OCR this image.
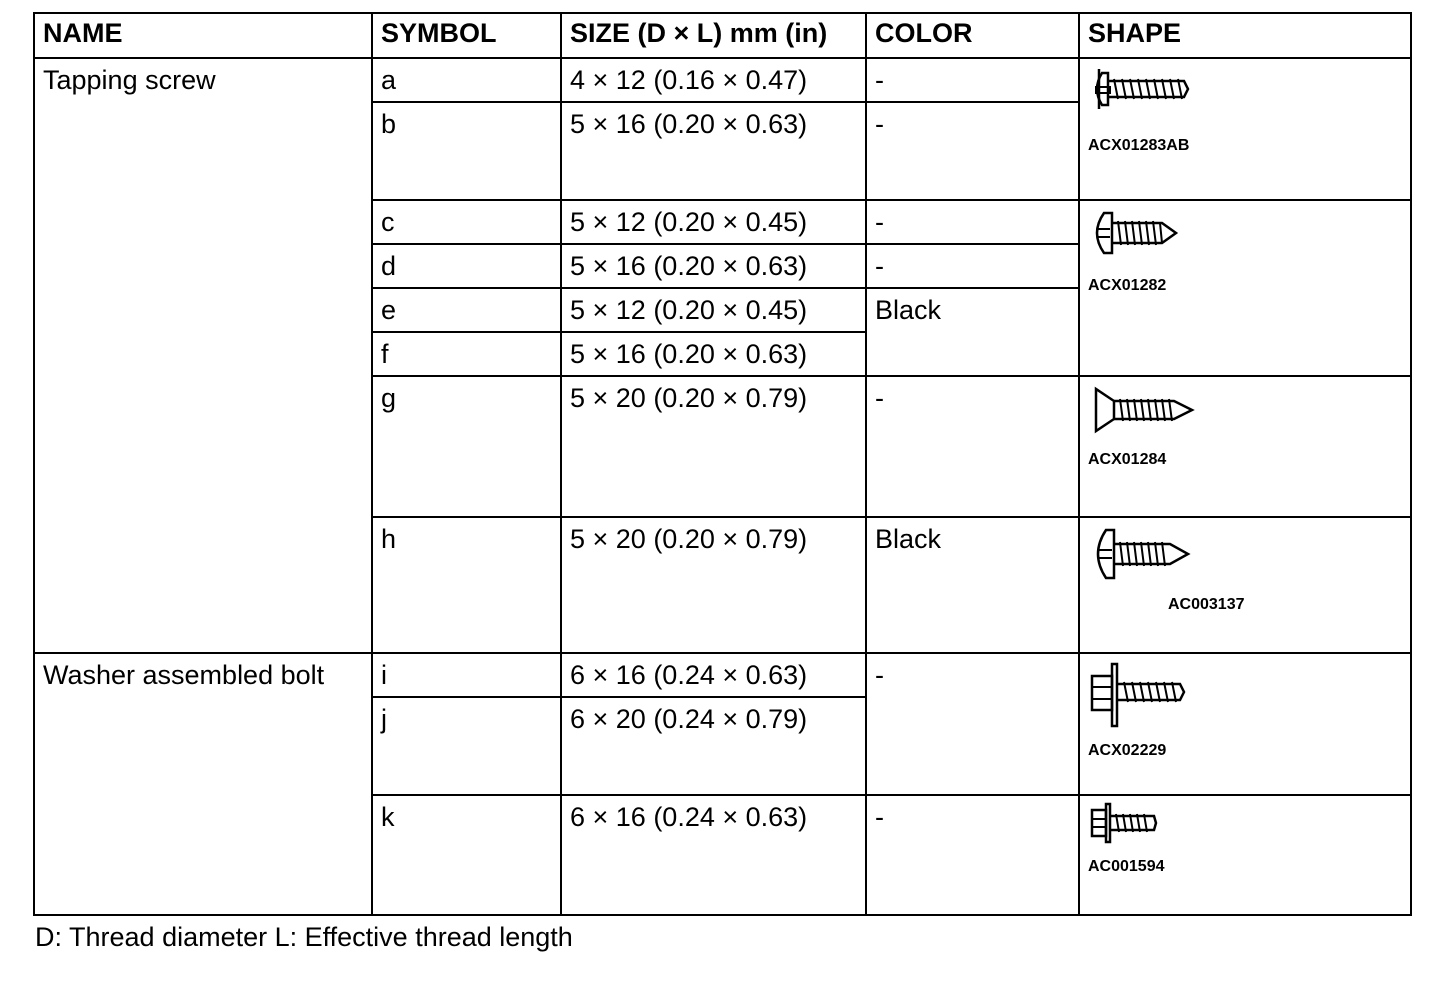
NAME	SYMBOL	SIZE (D × L) mm (in)	COLOR	SHAPE
Tapping screw	a	4 × 12 (0.16 × 0.47)	-	ACX01283AB

	b	5 × 16 (0.20 × 0.63)	-	
	c	5 × 12 (0.20 × 0.45)	-	ACX01282

	d	5 × 16 (0.20 × 0.63)	-	
	e	5 × 12 (0.20 × 0.45)	Black	
	f	5 × 16 (0.20 × 0.63)		
	g	5 × 20 (0.20 × 0.79)	-	ACX01284

	h	5 × 20 (0.20 × 0.79)	Black	AC003137

Washer assembled bolt	i	6 × 16 (0.24 × 0.63)	-	ACX02229

	j	6 × 20 (0.24 × 0.79)		
	k	6 × 16 (0.24 × 0.63)	-	AC001594
D: Thread diameter L: Effective thread length
